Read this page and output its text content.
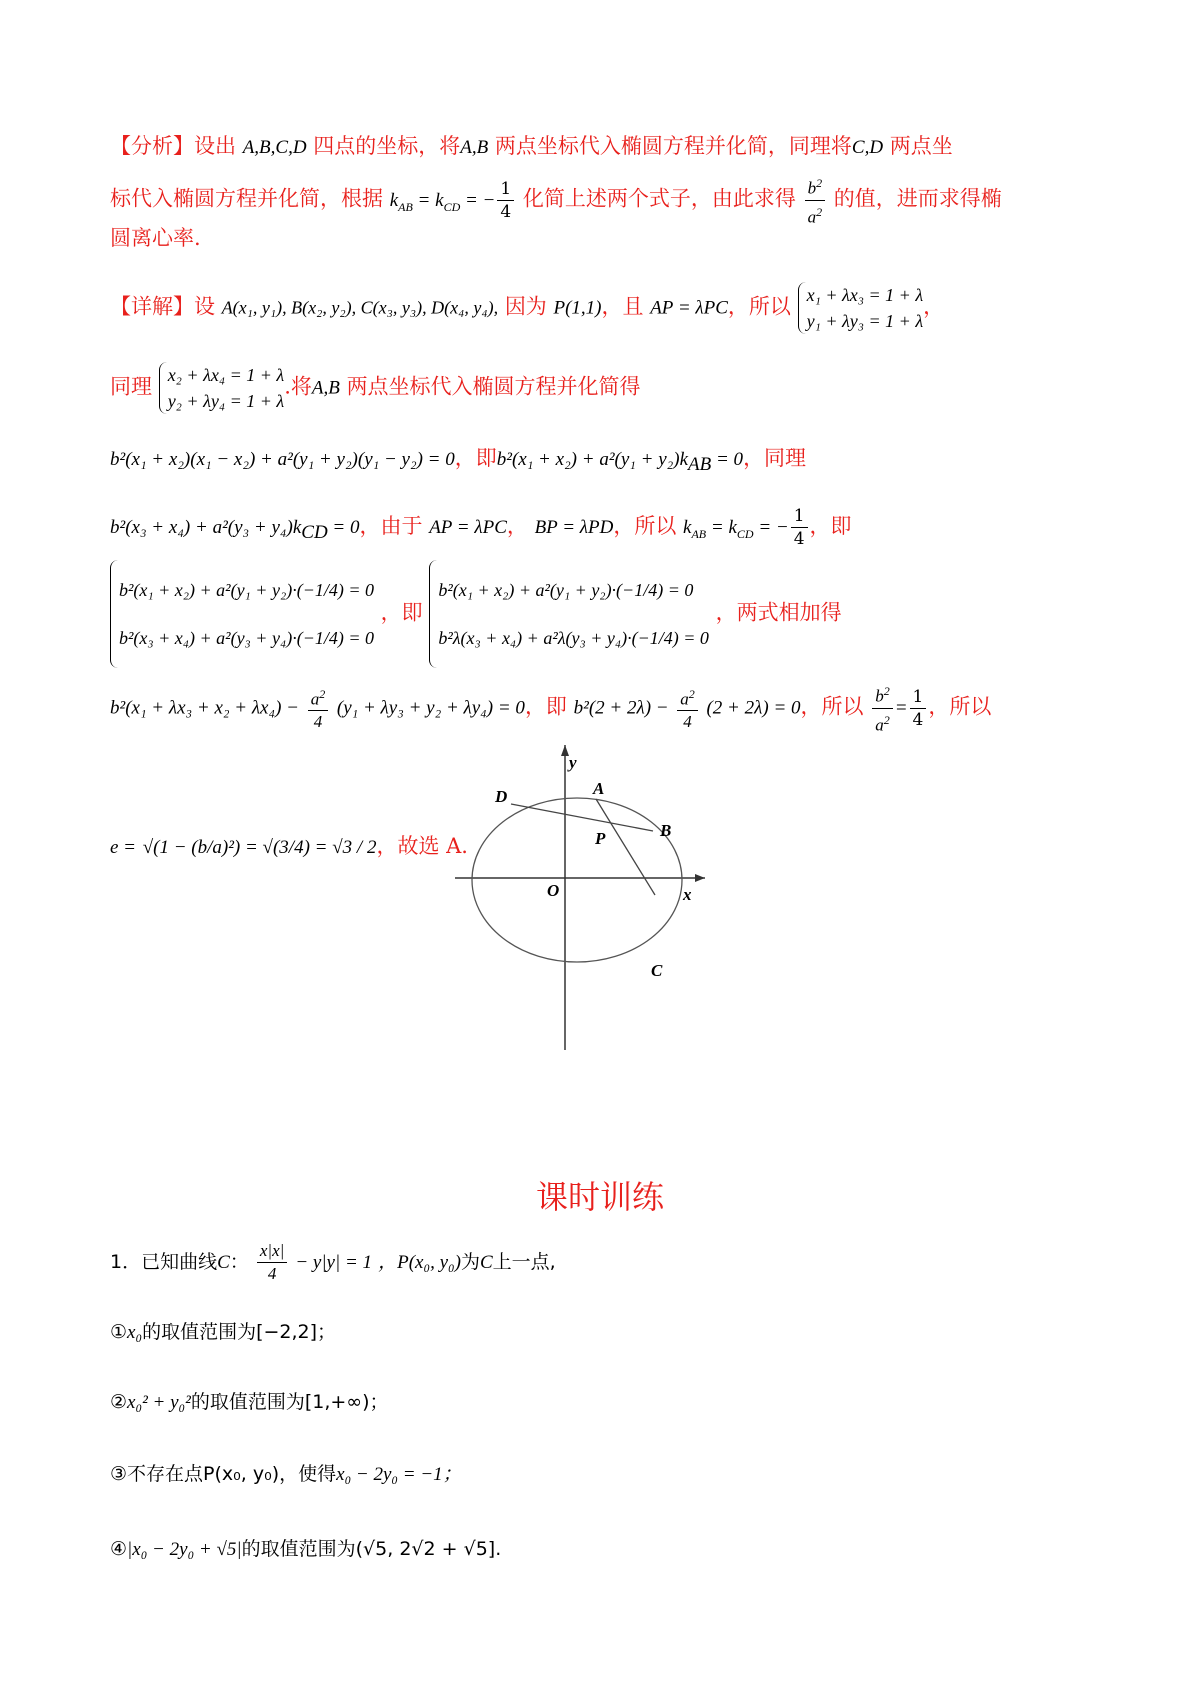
【分析】设出 A,B,C,D 四点的坐标，将A,B 两点坐标代入椭圆方程并化简，同理将C,D 两点坐
标代入椭圆方程并化简，根据 $k_{AB} = k_{CD}$ = − $\frac{1}{4}$ 化简上述两个式子，由此求得 $\frac{b^2}{a^2}$ 的值，进而求得椭
圆离心率.
【详解】设 A(x₁, y₁), B(x₂, y₂), C(x₃, y₃), D(x₄, y₄), 因为 P(1,1)，且 AP = λPC，所以 x₁ + λx₃ = 1 + λ
y₁ + λy₃ = 1 + λ
，
同理 x₂ + λx₄ = 1 + λ
y₂ + λy₄ = 1 + λ
.将A,B 两点坐标代入椭圆方程并化简得
b²(x₁ + x₂)(x₁ − x₂) + a²(y₁ + y₂)(y₁ − y₂) = 0，即$b^2(x_1 + x_2) + a^2(y_1 + y_2)k_{AB} = 0$，同理
$b^2(x_3 + x_4) + a^2(y_3 + y_4)k_{CD} = 0$，由于 AP = λPC， BP = λPD，所以 $k_{AB} = k_{CD}$ = − $\frac{1}{4}$ ，即
b²(x₁ + x₂) + a²(y₁ + y₂)·(−1/4) = 0
b²(x₃ + x₄) + a²(y₃ + y₄)·(−1/4) = 0
，即
b²(x₁ + x₂) + a²(y₁ + y₂)·(−1/4) = 0
b²λ(x₃ + x₄) + a²λ(y₃ + y₄)·(−1/4) = 0
，两式相加得
$b^2(x_1 + \lambda x_3 + x_2 + \lambda x_4) - \frac{a^2}{4} (y_1 + \lambda y_3 + y_2 + \lambda y_4) = 0$，即 $b^2(2 + 2\lambda) - \frac{a^2}{4} (2 + 2\lambda) = 0$，所以 $\frac{b^2}{a^2} = \frac{1}{4}$ ，所以
e = √(1 − (b/a)²) = √(3/4) = √3 / 2，故选 A.
D	A
y
P	B
O	x
C
课时训练
1．已知曲线C： $\frac{x|x|}{4} - y|y| = 1$ ，P(x₀, y₀)为C上一点,
①x₀的取值范围为[−2,2]；
②x₀² + y₀²的取值范围为[1,+∞)；
③不存在点P(x₀, y₀)，使得x₀ − 2y₀ = −1；
④|x₀ − 2y₀ + √5|的取值范围为(√5, 2√2 + √5].
